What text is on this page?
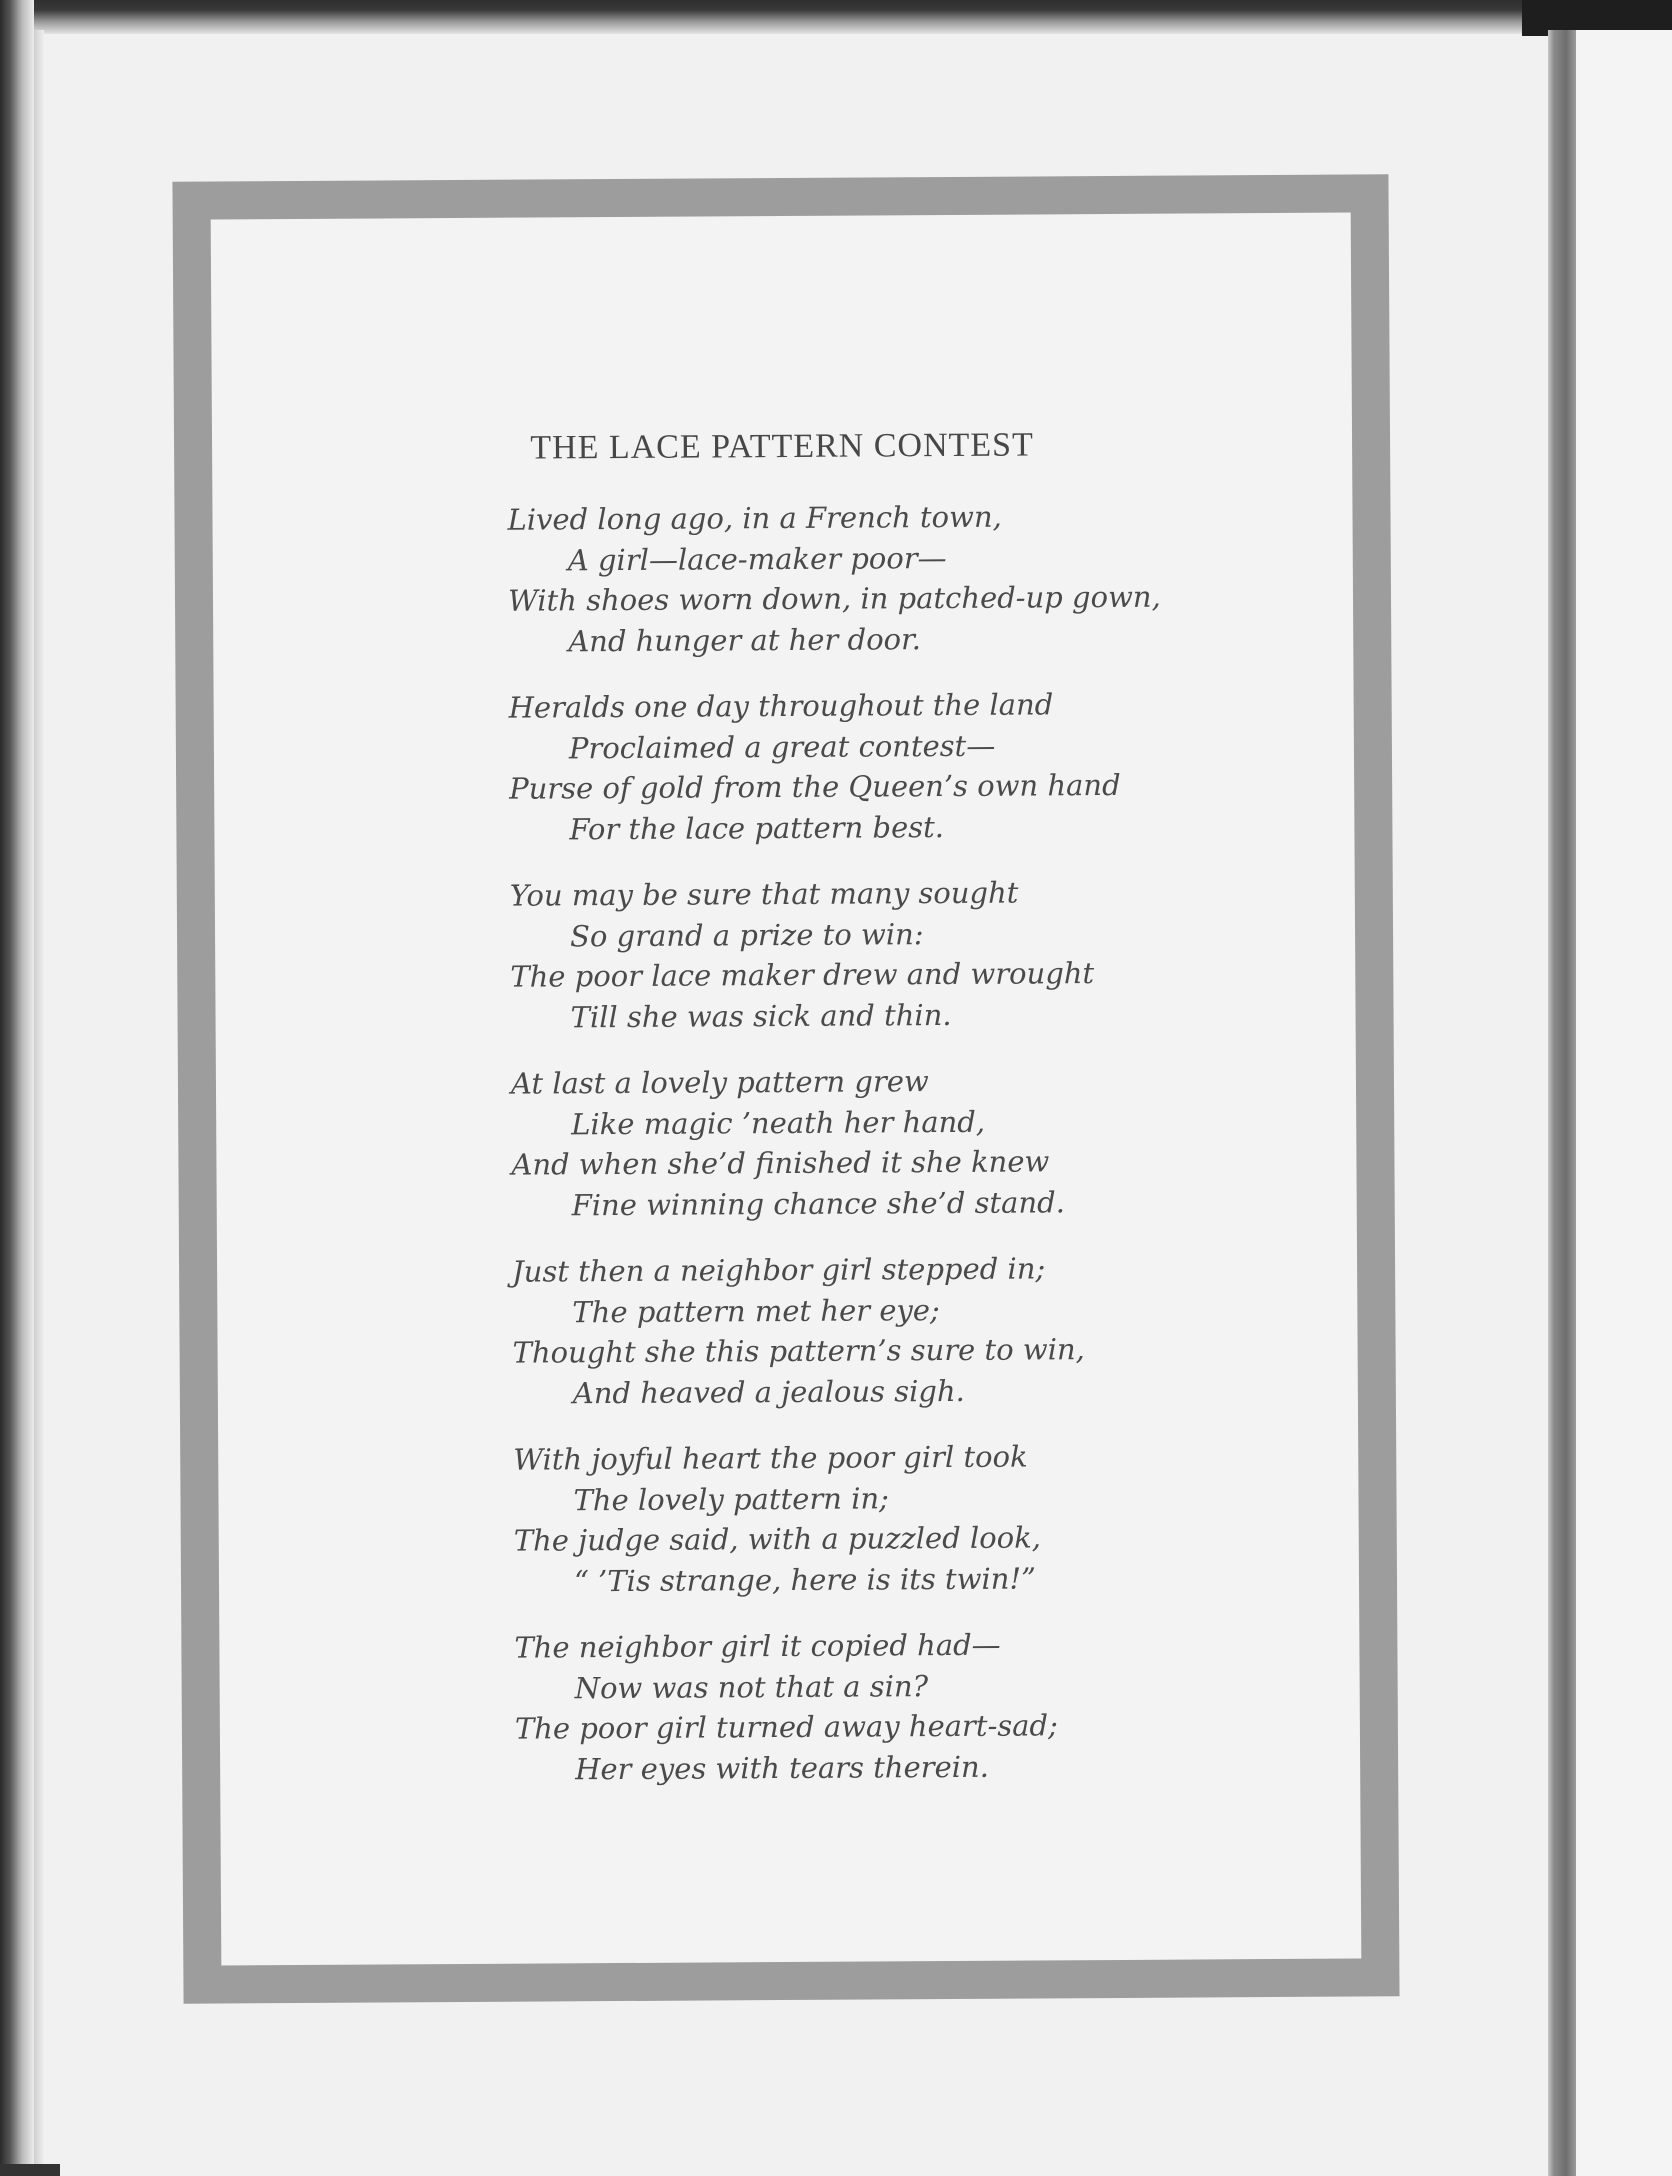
THE LACE PATTERN CONTEST
Lived long ago, in a French town,
A girl—lace-maker poor—
With shoes worn down, in patched-up gown,
And hunger at her door.
Heralds one day throughout the land
Proclaimed a great contest—
Purse of gold from the Queen’s own hand
For the lace pattern best.
You may be sure that many sought
So grand a prize to win:
The poor lace maker drew and wrought
Till she was sick and thin.
At last a lovely pattern grew
Like magic ’neath her hand,
And when she’d finished it she knew
Fine winning chance she’d stand.
Just then a neighbor girl stepped in;
The pattern met her eye;
Thought she this pattern’s sure to win,
And heaved a jealous sigh.
With joyful heart the poor girl took
The lovely pattern in;
The judge said, with a puzzled look,
“ ’Tis strange, here is its twin!”
The neighbor girl it copied had—
Now was not that a sin?
The poor girl turned away heart-sad;
Her eyes with tears therein.
